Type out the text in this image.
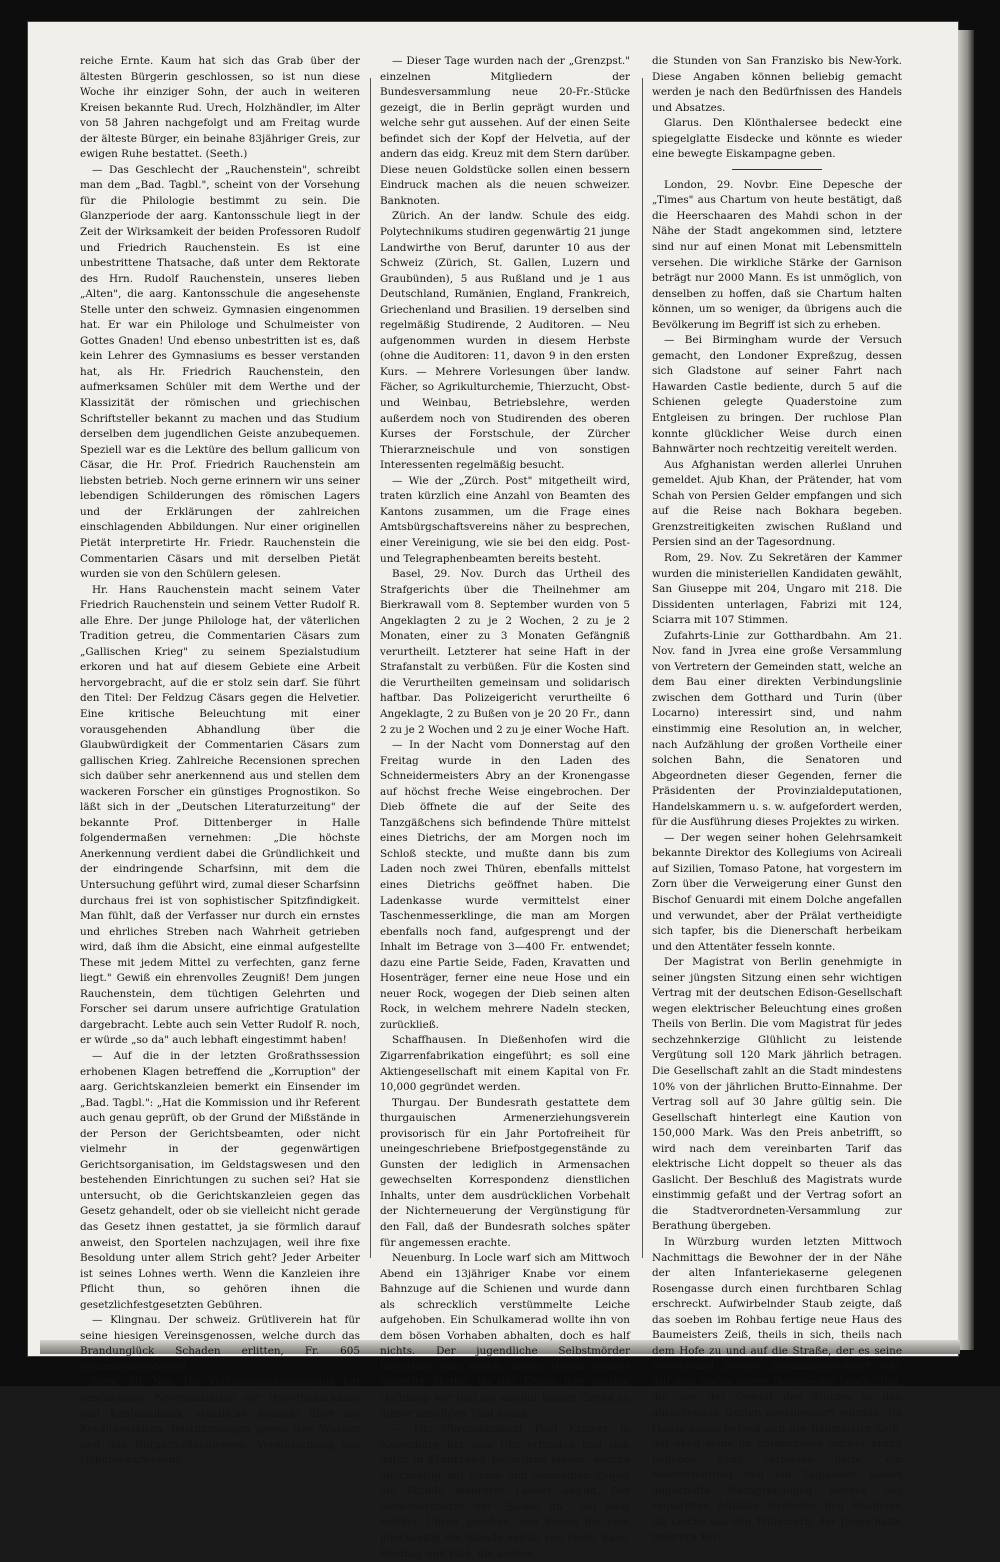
reiche Ernte. Kaum hat sich das Grab über der ältesten Bürgerin geschlossen, so ist nun diese Woche ihr einziger Sohn, der auch in weiteren Kreisen bekannte Rud. Urech, Holzhändler, im Alter von 58 Jahren nachgefolgt und am Freitag wurde der älteste Bürger, ein beinahe 83jähriger Greis, zur ewigen Ruhe bestattet. (Seeth.)

— Das Geschlecht der „Rauchenstein", schreibt man dem „Bad. Tagbl.", scheint von der Vorsehung für die Philologie bestimmt zu sein. Die Glanzperiode der aarg. Kantonsschule liegt in der Zeit der Wirksamkeit der beiden Professoren Rudolf und Friedrich Rauchenstein. Es ist eine unbestrittene Thatsache, daß unter dem Rektorate des Hrn. Rudolf Rauchenstein, unseres lieben „Alten", die aarg. Kantonsschule die angesehenste Stelle unter den schweiz. Gymnasien eingenommen hat. Er war ein Philologe und Schulmeister von Gottes Gnaden! Und ebenso unbestritten ist es, daß kein Lehrer des Gymnasiums es besser verstanden hat, als Hr. Friedrich Rauchenstein, den aufmerksamen Schüler mit dem Werthe und der Klassizität der römischen und griechischen Schriftsteller bekannt zu machen und das Studium derselben dem jugendlichen Geiste anzubequemen. Speziell war es die Lektüre des bellum gallicum von Cäsar, die Hr. Prof. Friedrich Rauchenstein am liebsten betrieb. Noch gerne erinnern wir uns seiner lebendigen Schilderungen des römischen Lagers und der Erklärungen der zahlreichen einschlagenden Abbildungen. Nur einer originellen Pietät interpretirte Hr. Friedr. Rauchenstein die Commentarien Cäsars und mit derselben Pietät wurden sie von den Schülern gelesen.

Hr. Hans Rauchenstein macht seinem Vater Friedrich Rauchenstein und seinem Vetter Rudolf R. alle Ehre. Der junge Philologe hat, der väterlichen Tradition getreu, die Commentarien Cäsars zum „Gallischen Krieg" zu seinem Spezialstudium erkoren und hat auf diesem Gebiete eine Arbeit hervorgebracht, auf die er stolz sein darf. Sie führt den Titel: Der Feldzug Cäsars gegen die Helvetier. Eine kritische Beleuchtung mit einer vorausgehenden Abhandlung über die Glaubwürdigkeit der Commentarien Cäsars zum gallischen Krieg. Zahlreiche Recensionen sprechen sich daüber sehr anerkennend aus und stellen dem wackeren Forscher ein günstiges Prognostikon. So läßt sich in der „Deutschen Literaturzeitung" der bekannte Prof. Dittenberger in Halle folgendermaßen vernehmen: „Die höchste Anerkennung verdient dabei die Gründlichkeit und der eindringende Scharfsinn, mit dem die Untersuchung geführt wird, zumal dieser Scharfsinn durchaus frei ist von sophistischer Spitzfindigkeit. Man fühlt, daß der Verfasser nur durch ein ernstes und ehrliches Streben nach Wahrheit getrieben wird, daß ihm die Absicht, eine einmal aufgestellte These mit jedem Mittel zu verfechten, ganz ferne liegt." Gewiß ein ehrenvolles Zeugniß! Dem jungen Rauchenstein, dem tüchtigen Gelehrten und Forscher sei darum unsere aufrichtige Gratulation dargebracht. Lebte auch sein Vetter Rudolf R. noch, er würde „so da" auch lebhaft eingestimmt haben!

— Auf die in der letzten Großrathssession erhobenen Klagen betreffend die „Korruption" der aarg. Gerichtskanzleien bemerkt ein Einsender im „Bad. Tagbl.": „Hat die Kommission und ihr Referent auch genau geprüft, ob der Grund der Mißstände in der Person der Gerichtsbeamten, oder nicht vielmehr in der gegenwärtigen Gerichtsorganisation, im Geldstagswesen und den bestehenden Einrichtungen zu suchen sei? Hat sie untersucht, ob die Gerichtskanzleien gegen das Gesetz gehandelt, oder ob sie vielleicht nicht gerade das Gesetz ihnen gestattet, ja sie förmlich darauf anweist, den Sportelen nachzujagen, weil ihre fixe Besoldung unter allem Strich geht? Jeder Arbeiter ist seines Lohnes werth. Wenn die Kanzleien ihre Pflicht thun, so gehören ihnen die gesetzlichfestgesetzten Gebühren.

— Klingnau. Der schweiz. Grütliverein hat für seine hiesigen Vereinsgenossen, welche durch das Brandunglück Schaden erlitten, Fr. 605 zusammengesteuert.

Bern, 30. Nov. Die Verfassungskommission hat beschlossen: Neorganisation der Hypothekarkasse und Kantonalbank, staatliche Aufsicht über die Kreditanstalten, Bestimmungen gegen den Wucher und das Bürgschaftsunwesen, Vereinfachung des Hypothekarwesens.

— Dieser Tage wurden nach der „Grenzpst." einzelnen Mitgliedern der Bundesversammlung neue 20-Fr.-Stücke gezeigt, die in Berlin geprägt wurden und welche sehr gut aussehen. Auf der einen Seite befindet sich der Kopf der Helvetia, auf der andern das eidg. Kreuz mit dem Stern darüber. Diese neuen Goldstücke sollen einen bessern Eindruck machen als die neuen schweizer. Banknoten.

Zürich. An der landw. Schule des eidg. Polytechnikums studiren gegenwärtig 21 junge Landwirthe von Beruf, darunter 10 aus der Schweiz (Zürich, St. Gallen, Luzern und Graubünden), 5 aus Rußland und je 1 aus Deutschland, Rumänien, England, Frankreich, Griechenland und Brasilien. 19 derselben sind regelmäßig Studirende, 2 Auditoren. — Neu aufgenommen wurden in diesem Herbste (ohne die Auditoren: 11, davon 9 in den ersten Kurs. — Mehrere Vorlesungen über landw. Fächer, so Agrikulturchemie, Thierzucht, Obst- und Weinbau, Betriebslehre, werden außerdem noch von Studirenden des oberen Kurses der Forstschule, der Zürcher Thierarzneischule und von sonstigen Interessenten regelmäßig besucht.

— Wie der „Zürch. Post" mitgetheilt wird, traten kürzlich eine Anzahl von Beamten des Kantons zusammen, um die Frage eines Amtsbürgschaftsvereins näher zu besprechen, einer Vereinigung, wie sie bei den eidg. Post- und Telegraphenbeamten bereits besteht.

Basel, 29. Nov. Durch das Urtheil des Strafgerichts über die Theilnehmer am Bierkrawall vom 8. September wurden von 5 Angeklagten 2 zu je 2 Wochen, 2 zu je 2 Monaten, einer zu 3 Monaten Gefängniß verurtheilt. Letzterer hat seine Haft in der Strafanstalt zu verbüßen. Für die Kosten sind die Verurtheilten gemeinsam und solidarisch haftbar. Das Polizeigericht verurtheilte 6 Angeklagte, 2 zu Bußen von je 20 20 Fr., dann 2 zu je 2 Wochen und 2 zu je einer Woche Haft.

— In der Nacht vom Donnerstag auf den Freitag wurde in den Laden des Schneidermeisters Abry an der Kronengasse auf höchst freche Weise eingebrochen. Der Dieb öffnete die auf der Seite des Tanzgäßchens sich befindende Thüre mittelst eines Dietrichs, der am Morgen noch im Schloß steckte, und mußte dann bis zum Laden noch zwei Thüren, ebenfalls mittelst eines Dietrichs geöffnet haben. Die Ladenkasse wurde vermittelst einer Taschenmesserklinge, die man am Morgen ebenfalls noch fand, aufgesprengt und der Inhalt im Betrage von 3—400 Fr. entwendet; dazu eine Partie Seide, Faden, Kravatten und Hosenträger, ferner eine neue Hose und ein neuer Rock, wogegen der Dieb seinen alten Rock, in welchem mehrere Nadeln stecken, zurückließ.

Schaffhausen. In Dießenhofen wird die Zigarrenfabrikation eingeführt; es soll eine Aktiengesellschaft mit einem Kapital von Fr. 10,000 gegründet werden.

Thurgau. Der Bundesrath gestattete dem thurgauischen Armenerziehungsverein provisorisch für ein Jahr Portofreiheit für uneingeschriebene Briefpostgegenstände zu Gunsten der lediglich in Armensachen gewechselten Korrespondenz dienstlichen Inhalts, unter dem ausdrücklichen Vorbehalt der Nichterneuerung der Vergünstigung für den Fall, daß der Bundesrath solches später für angemessen erachte.

Neuenburg. In Locle warf sich am Mittwoch Abend ein 13jähriger Knabe vor einem Bahnzuge auf die Schienen und wurde dann als schrecklich verstümmelte Leiche aufgehoben. Ein Schulkamerad wollte ihn von dem bösen Vorhaben abhalten, doch es half nichts. Der jugendliche Selbstmörder hinterläßt eine durch diesen Vorfall schwer geprüfte Mutter, da der Knabe ihre einzige Hoffnung war und sie absolut keinen Grund zu dieser unseligen That kennt.

— Hr. Uhrenfabrikant Paul Kramer in Neuenburg hat eine Uhr erfunden und sich dafür in Frankreich patentiren lassen, welche gleichzeitig mit einem und demselben Zeiger die Stunde mehrerer Länder angibt. Der Berichterstatter der „Suisse lib." hat zwei solcher Uhren gesehen, von denen die eine gleichzeitig die Stunde angibt von Paris, Suez, Bombay und Hué, die andere

die Stunden von San Franzisko bis New-York. Diese Angaben können beliebig gemacht werden je nach den Bedürfnissen des Handels und Absatzes.

Glarus. Den Klönthalersee bedeckt eine spiegelglatte Eisdecke und könnte es wieder eine bewegte Eiskampagne geben.

London, 29. Novbr. Eine Depesche der „Times" aus Chartum von heute bestätigt, daß die Heerschaaren des Mahdi schon in der Nähe der Stadt angekommen sind, letztere sind nur auf einen Monat mit Lebensmitteln versehen. Die wirkliche Stärke der Garnison beträgt nur 2000 Mann. Es ist unmöglich, von denselben zu hoffen, daß sie Chartum halten können, um so weniger, da übrigens auch die Bevölkerung im Begriff ist sich zu erheben.

— Bei Birmingham wurde der Versuch gemacht, den Londoner Expreßzug, dessen sich Gladstone auf seiner Fahrt nach Hawarden Castle bediente, durch 5 auf die Schienen gelegte Quaderstoine zum Entgleisen zu bringen. Der ruchlose Plan konnte glücklicher Weise durch einen Bahnwärter noch rechtzeitig vereitelt werden.

Aus Afghanistan werden allerlei Unruhen gemeldet. Ajub Khan, der Prätender, hat vom Schah von Persien Gelder empfangen und sich auf die Reise nach Bokhara begeben. Grenzstreitigkeiten zwischen Rußland und Persien sind an der Tagesordnung.

Rom, 29. Nov. Zu Sekretären der Kammer wurden die ministeriellen Kandidaten gewählt, San Giuseppe mit 204, Ungaro mit 218. Die Dissidenten unterlagen, Fabrizi mit 124, Sciarra mit 107 Stimmen.

Zufahrts-Linie zur Gotthardbahn. Am 21. Nov. fand in Jvrea eine große Versammlung von Vertretern der Gemeinden statt, welche an dem Bau einer direkten Verbindungslinie zwischen dem Gotthard und Turin (über Locarno) interessirt sind, und nahm einstimmig eine Resolution an, in welcher, nach Aufzählung der großen Vortheile einer solchen Bahn, die Senatoren und Abgeordneten dieser Gegenden, ferner die Präsidenten der Provinzialdeputationen, Handelskammern u. s. w. aufgefordert werden, für die Ausführung dieses Projektes zu wirken.

— Der wegen seiner hohen Gelehrsamkeit bekannte Direktor des Kollegiums von Acireali auf Sizilien, Tomaso Patone, hat vorgestern im Zorn über die Verweigerung einer Gunst den Bischof Genuardi mit einem Dolche angefallen und verwundet, aber der Prälat vertheidigte sich tapfer, bis die Dienerschaft herbeikam und den Attentäter fesseln konnte.

Der Magistrat von Berlin genehmigte in seiner jüngsten Sitzung einen sehr wichtigen Vertrag mit der deutschen Edison-Gesellschaft wegen elektrischer Beleuchtung eines großen Theils von Berlin. Die vom Magistrat für jedes sechzehnkerzige Glühlicht zu leistende Vergütung soll 120 Mark jährlich betragen. Die Gesellschaft zahlt an die Stadt mindestens 10% von der jährlichen Brutto-Einnahme. Der Vertrag soll auf 30 Jahre gültig sein. Die Gesellschaft hinterlegt eine Kaution von 150,000 Mark. Was den Preis anbetrifft, so wird nach dem vereinbarten Tarif das elektrische Licht doppelt so theuer als das Gaslicht. Der Beschluß des Magistrats wurde einstimmig gefaßt und der Vertrag sofort an die Stadtverordneten-Versammlung zur Berathung übergeben.

In Würzburg wurden letzten Mittwoch Nachmittags die Bewohner der in der Nähe der alten Infanteriekaserne gelegenen Rosengasse durch einen furchtbaren Schlag erschreckt. Aufwirbelnder Staub zeigte, daß das soeben im Rohbau fertige neue Haus des Baumeisters Zeiß, theils in sich, theils nach dem Hofe zu und auf die Straße, der es seine Seitenwand zuwies, zusammengestürzt war. Auf dem Dache waren Dachdecker beschäftigt, die von der Gewalt des Sturzes in den anstoßenden Garten geschleudert wurden. Im Hause selbst befand sich der Baumeister Zeiß, der eben seine im Vorderhause schwer krank liegende Frau verlassen hatte, ein Maurerlehrling und ein Taglöhner. Sofort angestellte Nachgrabungen seitens des requirirten Militärs förderten den Bauherrn als Leiche aus den Trümmern; der Junge hatte mehrere Ver-
